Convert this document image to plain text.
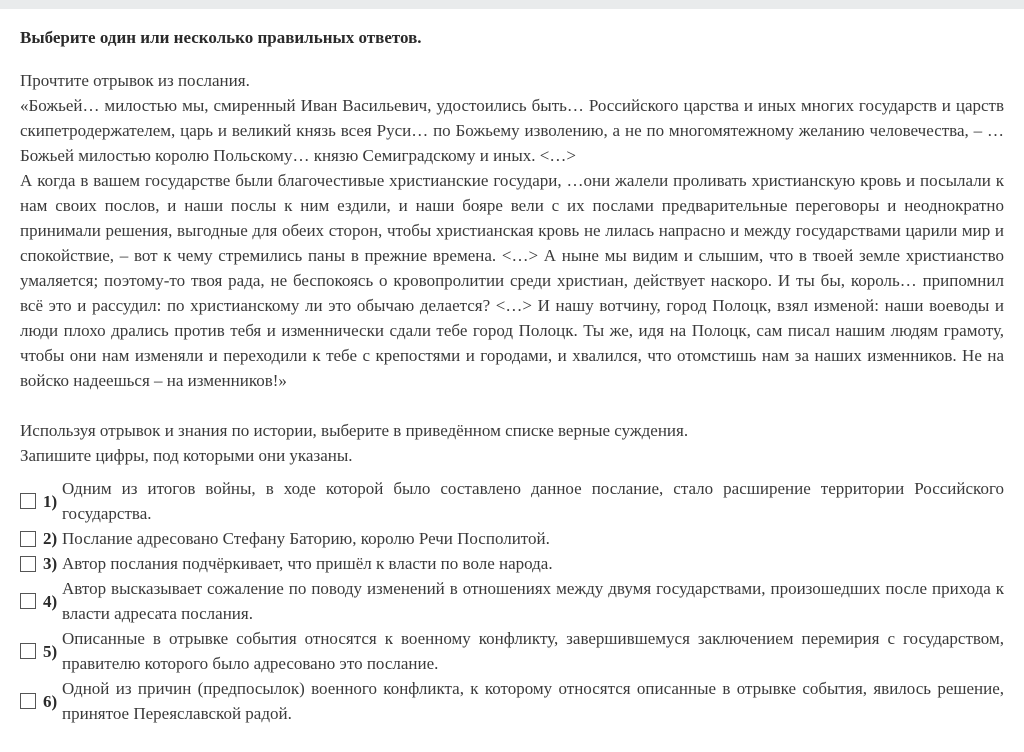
Выберите один или несколько правильных ответов.

Прочтите отрывок из послания.

«Божьей… милостью мы, смиренный Иван Васильевич, удостоились быть… Российского царства и иных многих государств и царств скипетродержателем, царь и великий князь всея Руси… по Божьему изволению, а не по многомятежному желанию человечества, – …Божьей милостью королю Польскому… князю Семиградскому и иных. <…>

А когда в вашем государстве были благочестивые христианские государи, …они жалели проливать христианскую кровь и посылали к нам своих послов, и наши послы к ним ездили, и наши бояре вели с их послами предварительные переговоры и неоднократно принимали решения, выгодные для обеих сторон, чтобы христианская кровь не лилась напрасно и между государствами царили мир и спокойствие, – вот к чему стремились паны в прежние времена. <…> А ныне мы видим и слышим, что в твоей земле христианство умаляется; поэтому-то твоя рада, не беспокоясь о кровопролитии среди христиан, действует наскоро. И ты бы, король… припомнил всё это и рассудил: по христианскому ли это обычаю делается? <…> И нашу вотчину, город Полоцк, взял изменой: наши воеводы и люди плохо дрались против тебя и изменнически сдали тебе город Полоцк. Ты же, идя на Полоцк, сам писал нашим людям грамоту, чтобы они нам изменяли и переходили к тебе с крепостями и городами, и хвалился, что отомстишь нам за наших изменников. Не на войско надеешься – на изменников!»

Используя отрывок и знания по истории, выберите в приведённом списке верные суждения.

Запишите цифры, под которыми они указаны.

1)
Одним из итогов войны, в ходе которой было составлено данное послание, стало расширение территории Российского государства.
2) Послание адресовано Стефану Баторию, королю Речи Посполитой.
3) Автор послания подчёркивает, что пришёл к власти по воле народа.
4)
Автор высказывает сожаление по поводу изменений в отношениях между двумя государствами, произошедших после прихода к власти адресата послания.
5)
Описанные в отрывке события относятся к военному конфликту, завершившемуся заключением перемирия с государством, правителю которого было адресовано это послание.
6)
Одной из причин (предпосылок) военного конфликта, к которому относятся описанные в отрывке события, явилось решение, принятое Переяславской радой.
